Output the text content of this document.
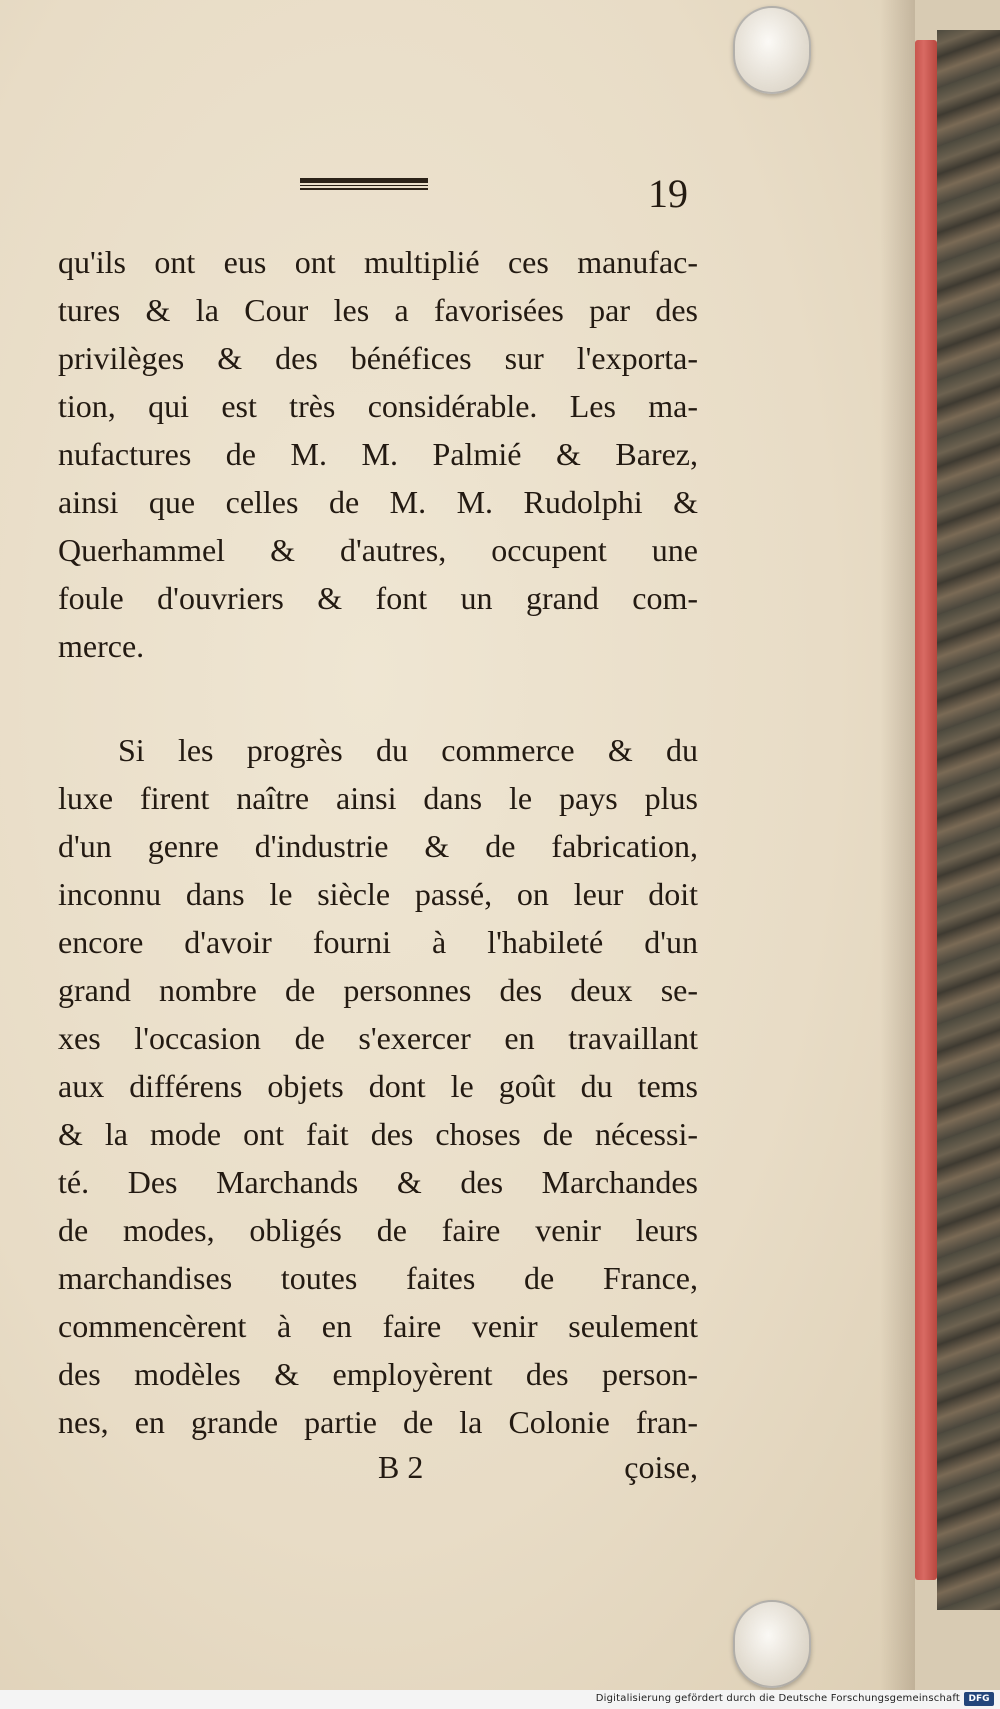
19
qu'ils ont eus ont multiplié ces manufac-
tures & la Cour les a favorisées par des
privilèges & des bénéfices sur l'exporta-
tion, qui est très considérable. Les ma-
nufactures de M. M. Palmié & Barez,
ainsi que celles de M. M. Rudolphi &
Querhammel & d'autres, occupent une
foule d'ouvriers & font un grand com-
merce.
Si les progrès du commerce & du
luxe firent naître ainsi dans le pays plus
d'un genre d'industrie & de fabrication,
inconnu dans le siècle passé, on leur doit
encore d'avoir fourni à l'habileté d'un
grand nombre de personnes des deux se-
xes l'occasion de s'exercer en travaillant
aux différens objets dont le goût du tems
& la mode ont fait des choses de nécessi-
té. Des Marchands & des Marchandes
de modes, obligés de faire venir leurs
marchandises toutes faites de France,
commencèrent à en faire venir seulement
des modèles & employèrent des person-
nes, en grande partie de la Colonie fran-
B 2	çoise,
Digitalisierung gefördert durch die Deutsche Forschungsgemeinschaft DFG
